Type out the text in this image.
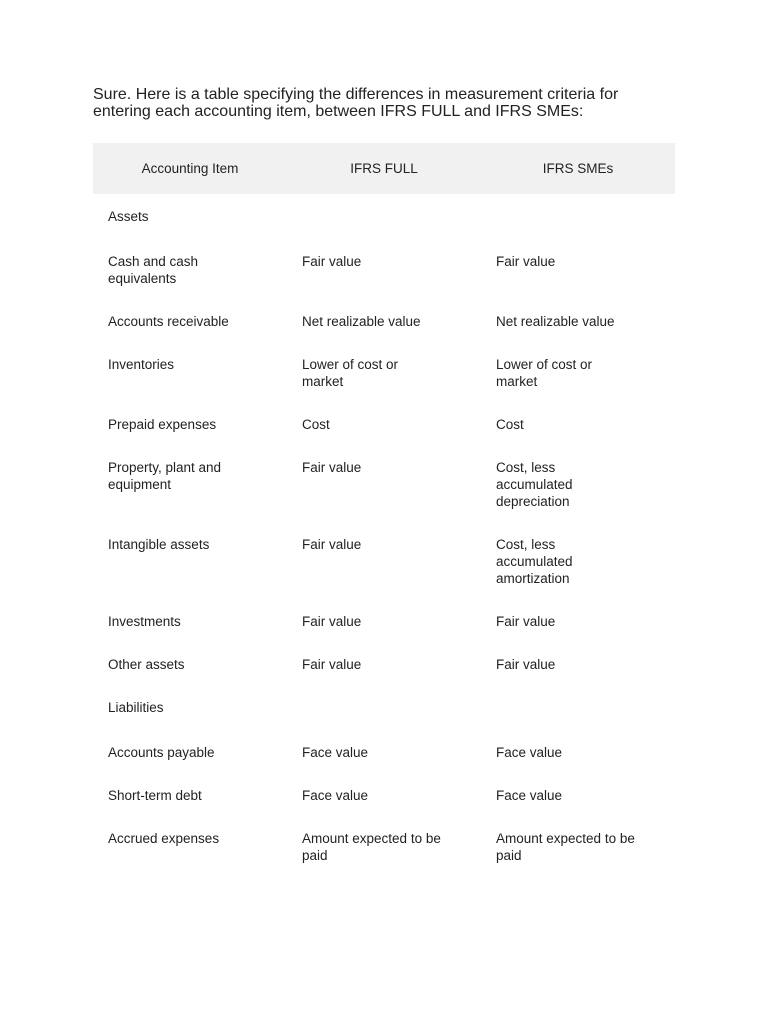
Sure. Here is a table specifying the differences in measurement criteria for entering each accounting item, between IFRS FULL and IFRS SMEs:

Accounting Item	IFRS FULL	IFRS SMEs
Assets		
Cash and cash equivalents	Fair value	Fair value
Accounts receivable	Net realizable value	Net realizable value
Inventories	Lower of cost or market	Lower of cost or market
Prepaid expenses	Cost	Cost
Property, plant and equipment	Fair value	Cost, less accumulated depreciation
Intangible assets	Fair value	Cost, less accumulated amortization
Investments	Fair value	Fair value
Other assets	Fair value	Fair value
Liabilities		
Accounts payable	Face value	Face value
Short-term debt	Face value	Face value
Accrued expenses	Amount expected to be paid	Amount expected to be paid
